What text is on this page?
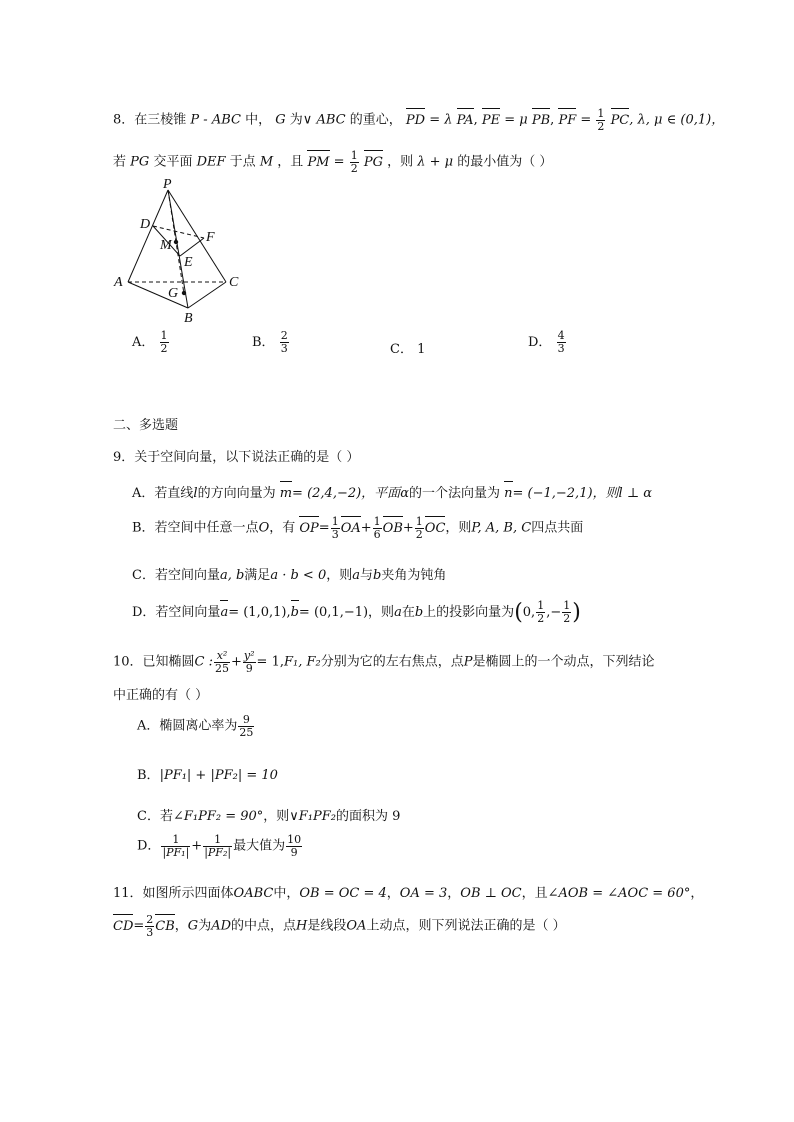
8．在三棱锥 P - ABC 中， G 为∨ ABC 的重心， PD = λ PA, PE = μ PB, PF = $\frac{1}{2}$ PC, λ, μ ∈ (0,1)，
若 PG 交平面 DEF 于点 M ，且 PM = $\frac{1}{2}$ PG ，则 λ + μ 的最小值为（ ）
P
D
F
M
E
A	C
G
B
A． $\frac{1}{2}$	B． $\frac{2}{3}$	C． 1	D． $\frac{4}{3}$
二、多选题
9．关于空间向量，以下说法正确的是（ ）
A．若直线l的方向向量为 m= (2,4,−2)，平面α的一个法向量为 n= (−1,−2,1)，则l ⊥ α
B．若空间中任意一点O，有 $OP= \frac{1}{3} OA+ \frac{1}{6} OB+ \frac{1}{2}$ OC，则P, A, B, C四点共面
C．若空间向量a, b满足a · b < 0，则a与b夹角为钝角
D．若空间向量a= (1,0,1),b= (0,1,−1)，则a在b上的投影向量为(0, $\frac{1}{2}$ ,− $\frac{1}{2}$ )
10．已知椭圆C : $\frac{\text{x²}}{25} + \frac{\text{y²}}{9} = 1,F_1$, F₂分别为它的左右焦点，点P是椭圆上的一个动点，下列结论
中正确的有（ ）
A．椭圆离心率为 $\frac{9}{25}$
B．|PF₁| + |PF₂| = 10
C．若∠F₁PF₂ = 90°，则∨F₁PF₂的面积为 9
D． $\frac{1}{\text{|PF₁|}} + \frac{1}{\text{|PF₂|}}$ 最大值为 $\frac{10}{9}$
11．如图所示四面体OABC中，OB = OC = 4，OA = 3，OB ⊥ OC，且∠AOB = ∠AOC = 60°，
$CD= \frac{2}{3}$ CB，G为AD的中点，点H是线段OA上动点，则下列说法正确的是（ ）
